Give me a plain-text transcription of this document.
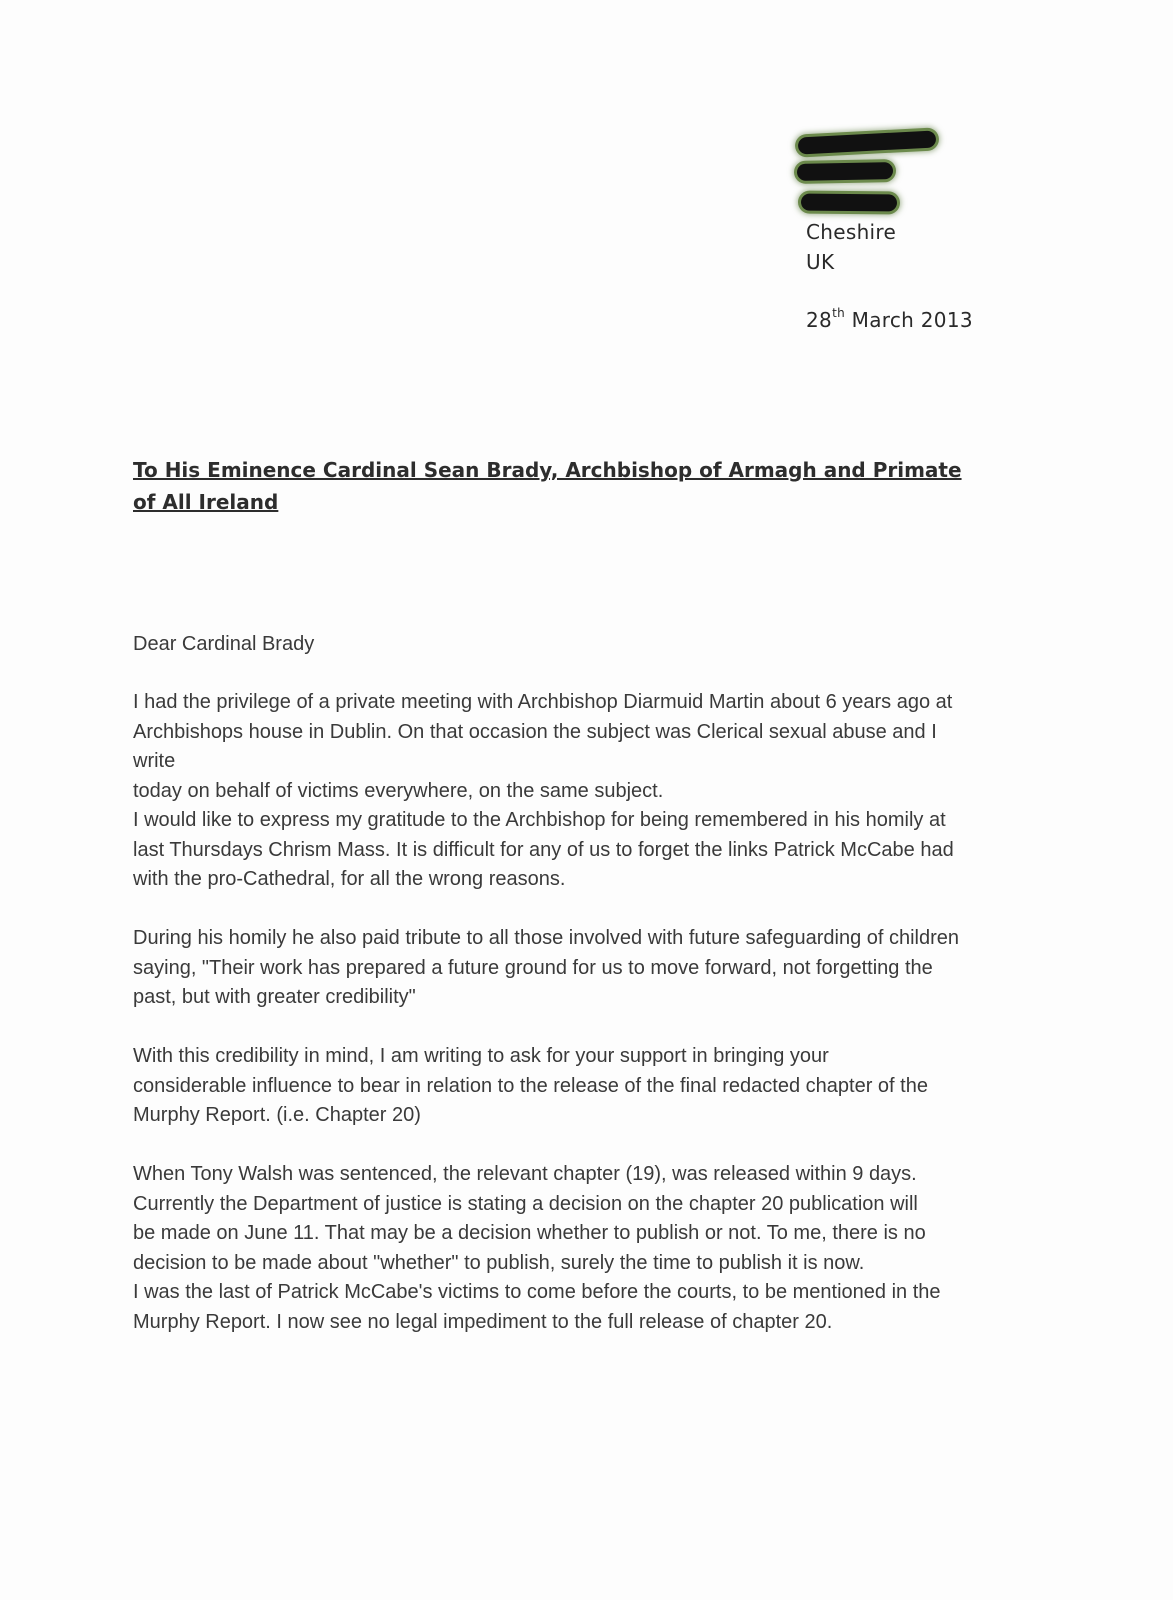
Cheshire
UK
28th March 2013
To His Eminence Cardinal Sean Brady, Archbishop of Armagh and Primate of All Ireland

Dear Cardinal Brady

I had the privilege of a private meeting with Archbishop Diarmuid Martin about 6 years ago at
Archbishops house in Dublin. On that occasion the subject was Clerical sexual abuse and I write
today on behalf of victims everywhere, on the same subject.

I would like to express my gratitude to the Archbishop for being remembered in his homily at
last Thursdays Chrism Mass. It is difficult for any of us to forget the links Patrick McCabe had
with the pro-Cathedral, for all the wrong reasons.

During his homily he also paid tribute to all those involved with future safeguarding of children
saying, "Their work has prepared a future ground for us to move forward, not forgetting the
past, but with greater credibility"

With this credibility in mind, I am writing to ask for your support in bringing your
considerable influence to bear in relation to the release of the final redacted chapter of the
Murphy Report. (i.e. Chapter 20)

When Tony Walsh was sentenced, the relevant chapter (19), was released within 9 days.
Currently the Department of justice is stating a decision on the chapter 20 publication will
be made on June 11. That may be a decision whether to publish or not. To me, there is no
decision to be made about "whether" to publish, surely the time to publish it is now.
I was the last of Patrick McCabe's victims to come before the courts, to be mentioned in the
Murphy Report. I now see no legal impediment to the full release of chapter 20.
